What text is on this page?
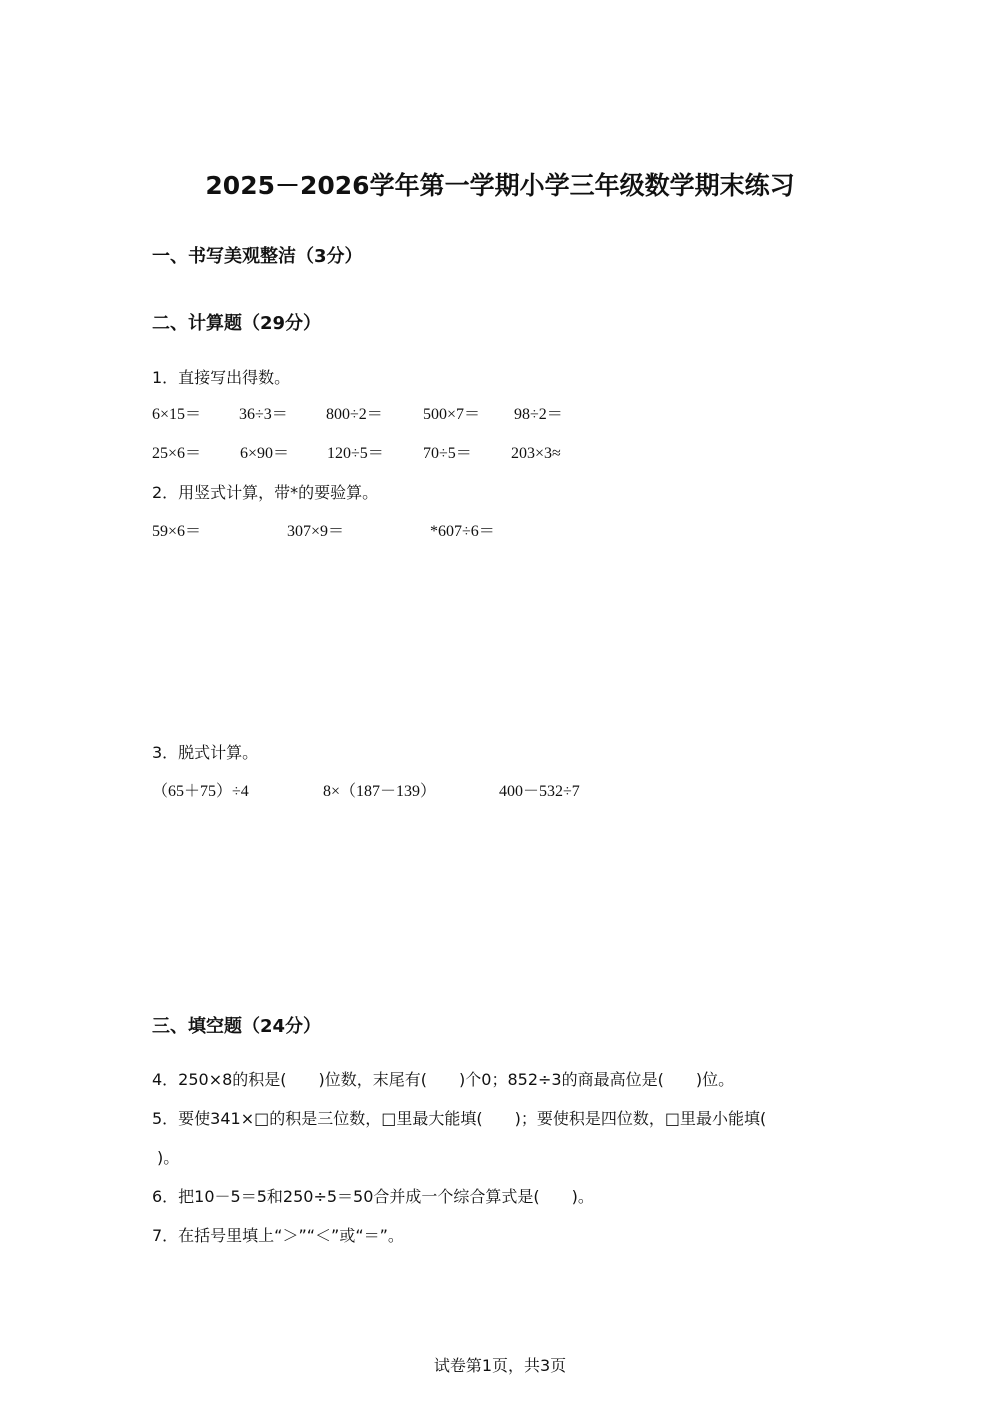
2025－2026学年第一学期小学三年级数学期末练习
一、书写美观整洁（3分）
二、计算题（29分）
1．直接写出得数。
6×15＝ 36÷3＝ 800÷2＝	500×7＝ 98÷2＝
25×6＝ 6×90＝ 120÷5＝ 70÷5＝ 203×3≈
2．用竖式计算，带*的要验算。
59×6＝	307×9＝	*607÷6＝
3．脱式计算。
（65＋75）÷4	8×（187－139）	400－532÷7
三、填空题（24分）
4．250×8的积是(　　)位数，末尾有(　　)个0；852÷3的商最高位是(　　)位。
5．要使341×□的积是三位数，□里最大能填(　　)；要使积是四位数，□里最小能填(
)。
6．把10－5＝5和250÷5＝50合并成一个综合算式是(　　)。
7．在括号里填上“＞”“＜”或“＝”。
试卷第1页，共3页
